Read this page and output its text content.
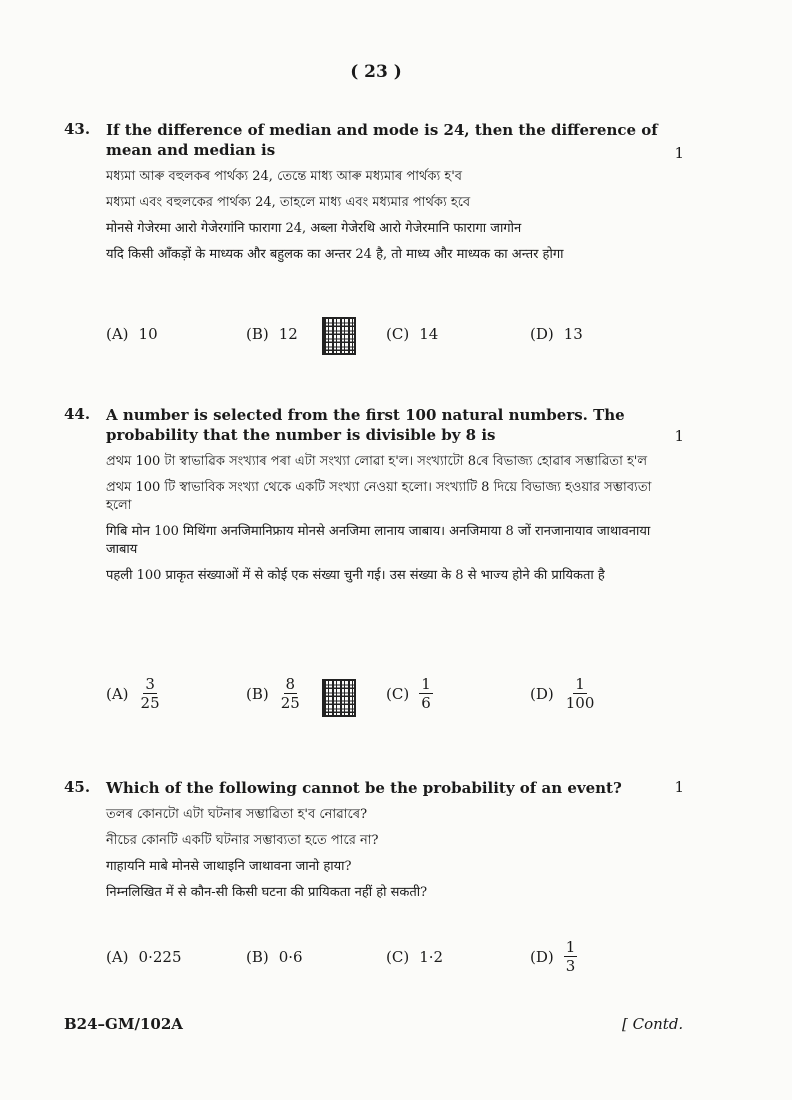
( 23 )
43.	If the difference of median and mode is 24, then the difference of mean and median is	1
মধ্যমা আৰু বহুলকৰ পাৰ্থক্য 24, তেন্তে মাধ্য আৰু মধ্যমাৰ পাৰ্থক্য হ'ব
মধ্যমা এবং বহুলকের পার্থক্য 24, তাহলে মাধ্য এবং মধ্যমার পার্থক্য হবে
मोनसे गेजेरमा आरो गेजेरगांनि फारागा 24, अब्ला गेजेरथि आरो गेजेरमानि फारागा जागोन
यदि किसी आँकड़ों के माध्यक और बहुलक का अन्तर 24 है, तो माध्य और माध्यक का अन्तर होगा
(A) 10	(B) 12	(C) 14	(D) 13
44.	A number is selected from the first 100 natural numbers. The probability that the number is divisible by 8 is	1
প্ৰথম 100 টা স্বাভাৱিক সংখ্যাৰ পৰা এটা সংখ্যা লোৱা হ'ল। সংখ্যাটো 8ৰে বিভাজ্য হোৱাৰ সম্ভাৱিতা হ'ল
প্রথম 100 টি স্বাভাবিক সংখ্যা থেকে একটি সংখ্যা নেওয়া হলো। সংখ্যাটি 8 দিয়ে বিভাজ্য হওয়ার সম্ভাব্যতা হলো
गिबि मोन 100 मिथिंगा अनजिमानिफ्राय मोनसे अनजिमा लानाय जाबाय। अनजिमाया 8 जों रानजानायाव जाथावनाया जाबाय
पहली 100 प्राकृत संख्याओं में से कोई एक संख्या चुनी गई। उस संख्या के 8 से भाज्य होने की प्रायिकता है
$(A) \frac{3}{25}$	$(B) \frac{8}{25}$	$(C) \frac{1}{6}$	$(D) \frac{1}{100}$
45.	Which of the following cannot be the probability of an event?	1
তলৰ কোনটো এটা ঘটনাৰ সম্ভাৱিতা হ'ব নোৱাৰে?
নীচের কোনটি একটি ঘটনার সম্ভাব্যতা হতে পারে না?
गाहायनि माबे मोनसे जाथाइनि जाथावना जानो हाया?
निम्नलिखित में से कौन-सी किसी घटना की प्रायिकता नहीं हो सकती?
(A) 0·225	(B) 0·6	(C) 1·2	$(D) \frac{1}{3}$
B24–GM/102A	[ Contd.
